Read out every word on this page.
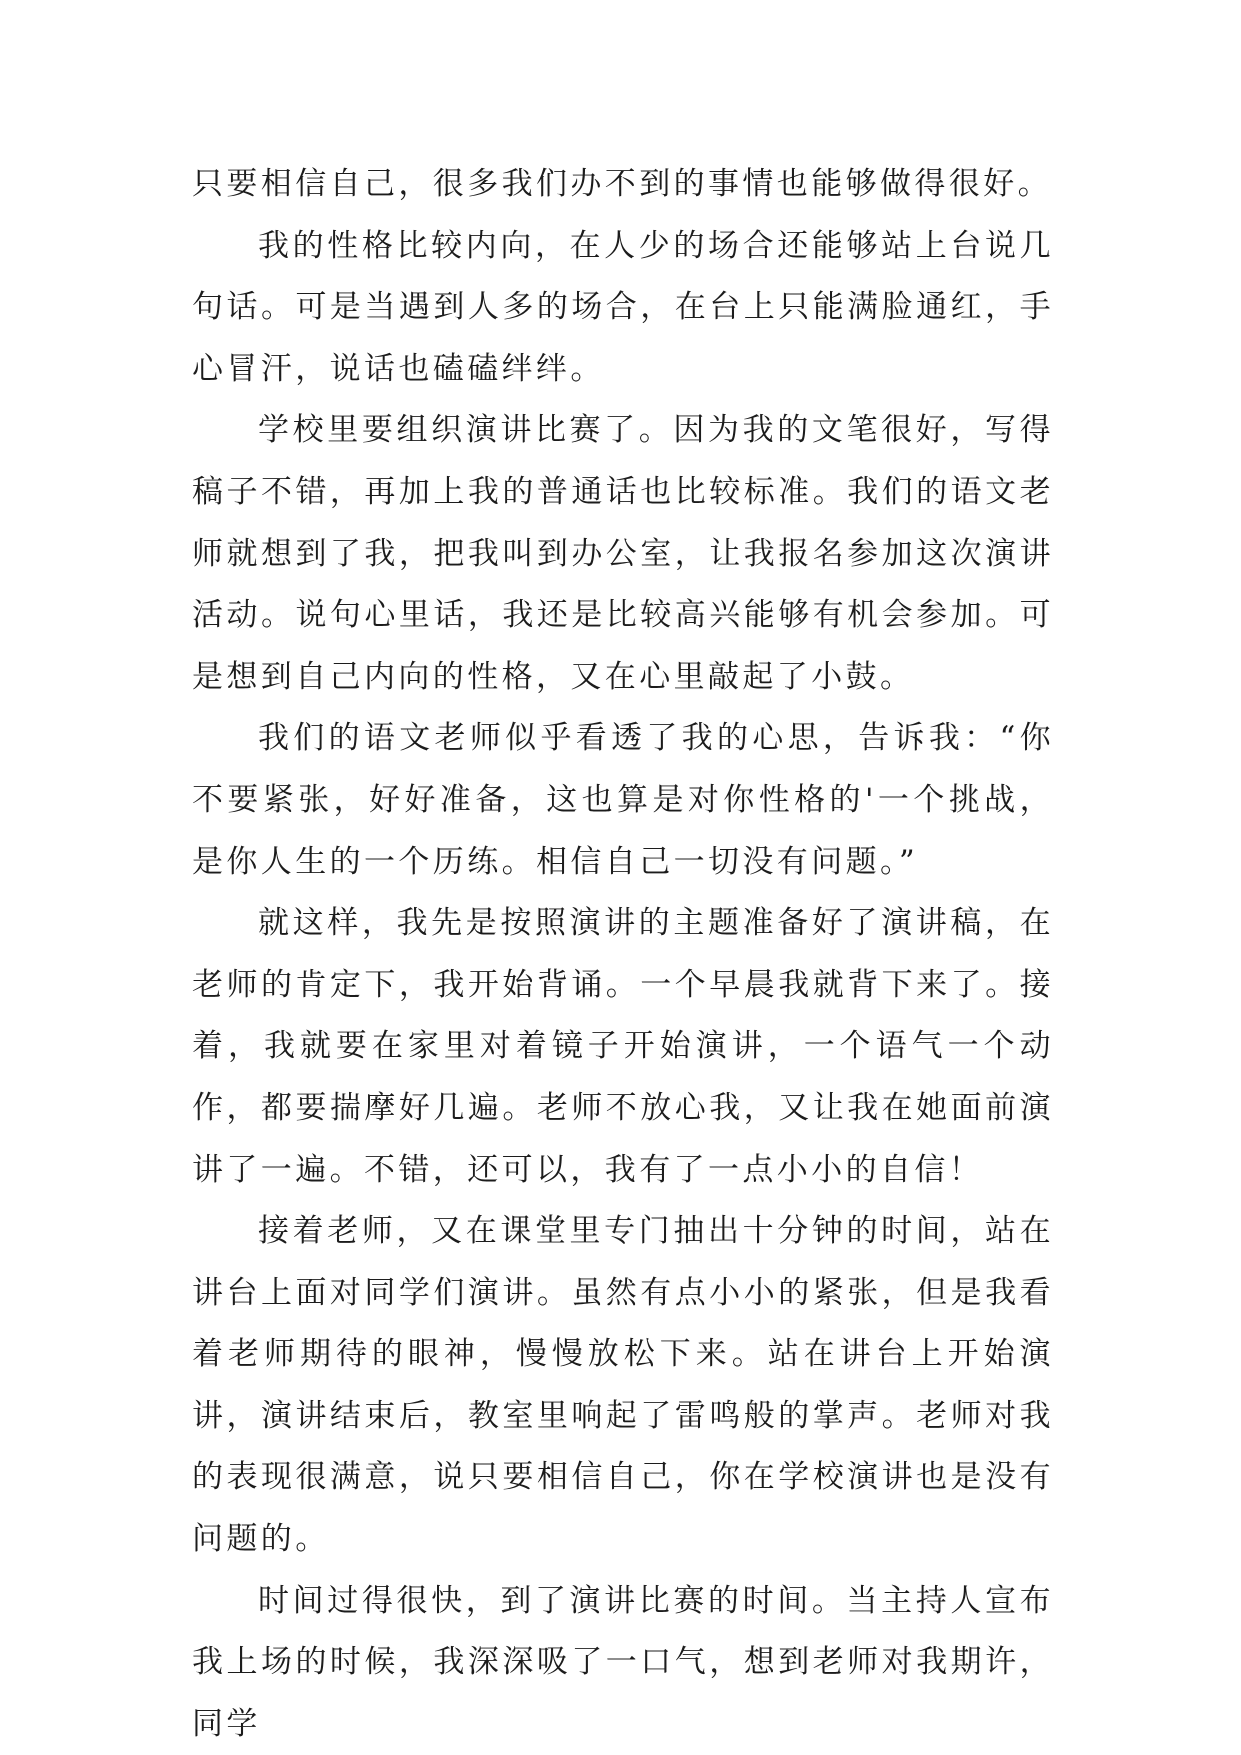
只要相信自己，很多我们办不到的事情也能够做得很好。

我的性格比较内向，在人少的场合还能够站上台说几句话。可是当遇到人多的场合，在台上只能满脸通红，手心冒汗，说话也磕磕绊绊。

学校里要组织演讲比赛了。因为我的文笔很好，写得稿子不错，再加上我的普通话也比较标准。我们的语文老师就想到了我，把我叫到办公室，让我报名参加这次演讲活动。说句心里话，我还是比较高兴能够有机会参加。可是想到自己内向的性格，又在心里敲起了小鼓。

我们的语文老师似乎看透了我的心思，告诉我：“你不要紧张，好好准备，这也算是对你性格的'一个挑战，是你人生的一个历练。相信自己一切没有问题。”

就这样，我先是按照演讲的主题准备好了演讲稿，在老师的肯定下，我开始背诵。一个早晨我就背下来了。接着，我就要在家里对着镜子开始演讲，一个语气一个动作，都要揣摩好几遍。老师不放心我，又让我在她面前演讲了一遍。不错，还可以，我有了一点小小的自信！

接着老师，又在课堂里专门抽出十分钟的时间，站在讲台上面对同学们演讲。虽然有点小小的紧张，但是我看着老师期待的眼神，慢慢放松下来。站在讲台上开始演讲，演讲结束后，教室里响起了雷鸣般的掌声。老师对我的表现很满意，说只要相信自己，你在学校演讲也是没有问题的。

时间过得很快，到了演讲比赛的时间。当主持人宣布我上场的时候，我深深吸了一口气，想到老师对我期许，同学
